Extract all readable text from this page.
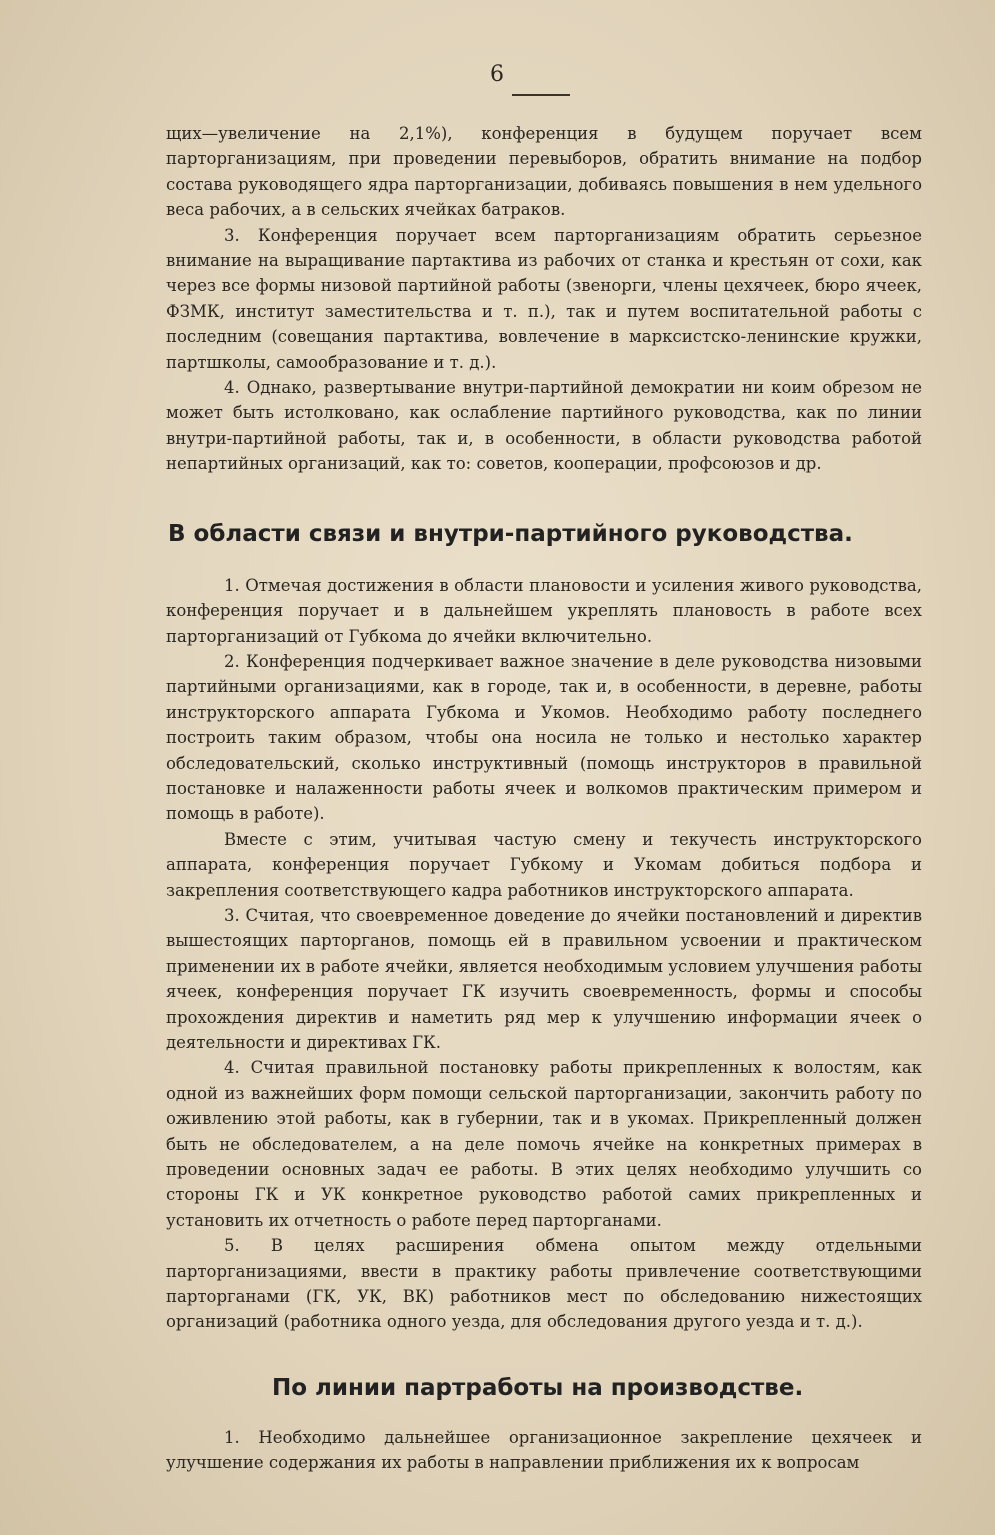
6

щих—увеличение на 2,1%), конференция в будущем поручает всем парторганизациям, при проведении перевыборов, обратить внимание на подбор состава руководящего ядра парторганизации, добиваясь повышения в нем удельного веса рабочих, а в сельских ячейках батраков.

3. Конференция поручает всем парторганизациям обратить серьезное внимание на выращивание партактива из рабочих от станка и крестьян от сохи, как через все формы низовой партийной работы (звенорги, члены цехячеек, бюро ячеек, ФЗМК, институт заместительства и т. п.), так и путем воспитательной работы с последним (совещания партактива, вовлечение в марксистско-ленинские кружки, партшколы, самообразование и т. д.).

4. Однако, развертывание внутри-партийной демократии ни коим обрезом не может быть истолковано, как ослабление партийного руководства, как по линии внутри-партийной работы, так и, в особенности, в области руководства работой непартийных организаций, как то: советов, кооперации, профсоюзов и др.

В области связи и внутри-партийного руководства.

1. Отмечая достижения в области плановости и усиления живого руководства, конференция поручает и в дальнейшем укреплять плановость в работе всех парторганизаций от Губкома до ячейки включительно.

2. Конференция подчеркивает важное значение в деле руководства низовыми партийными организациями, как в городе, так и, в особенности, в деревне, работы инструкторского аппарата Губкома и Укомов. Необходимо работу последнего построить таким образом, чтобы она носила не только и нестолько характер обследовательский, сколько инструктивный (помощь инструкторов в правильной постановке и налаженности работы ячеек и волкомов практическим примером и помощь в работе).

Вместе с этим, учитывая частую смену и текучесть инструкторского аппарата, конференция поручает Губкому и Укомам добиться подбора и закрепления соответствующего кадра работников инструкторского аппарата.

3. Считая, что своевременное доведение до ячейки постановлений и директив вышестоящих парторганов, помощь ей в правильном усвоении и практическом применении их в работе ячейки, является необходимым условием улучшения работы ячеек, конференция поручает ГК изучить своевременность, формы и способы прохождения директив и наметить ряд мер к улучшению информации ячеек о деятельности и директивах ГК.

4. Считая правильной постановку работы прикрепленных к волостям, как одной из важнейших форм помощи сельской парторганизации, закончить работу по оживлению этой работы, как в губернии, так и в укомах. Прикрепленный должен быть не обследователем, а на деле помочь ячейке на конкретных примерах в проведении основных задач ее работы. В этих целях необходимо улучшить со стороны ГК и УК конкретное руководство работой самих прикрепленных и установить их отчетность о работе перед парторганами.

5. В целях расширения обмена опытом между отдельными парторганизациями, ввести в практику работы привлечение соответствующими парторганами (ГК, УК, ВК) работников мест по обследованию нижестоящих организаций (работника одного уезда, для обследования другого уезда и т. д.).

По линии партработы на производстве.

1. Необходимо дальнейшее организационное закрепление цехячеек и улучшение содержания их работы в направлении приближения их к вопросам
